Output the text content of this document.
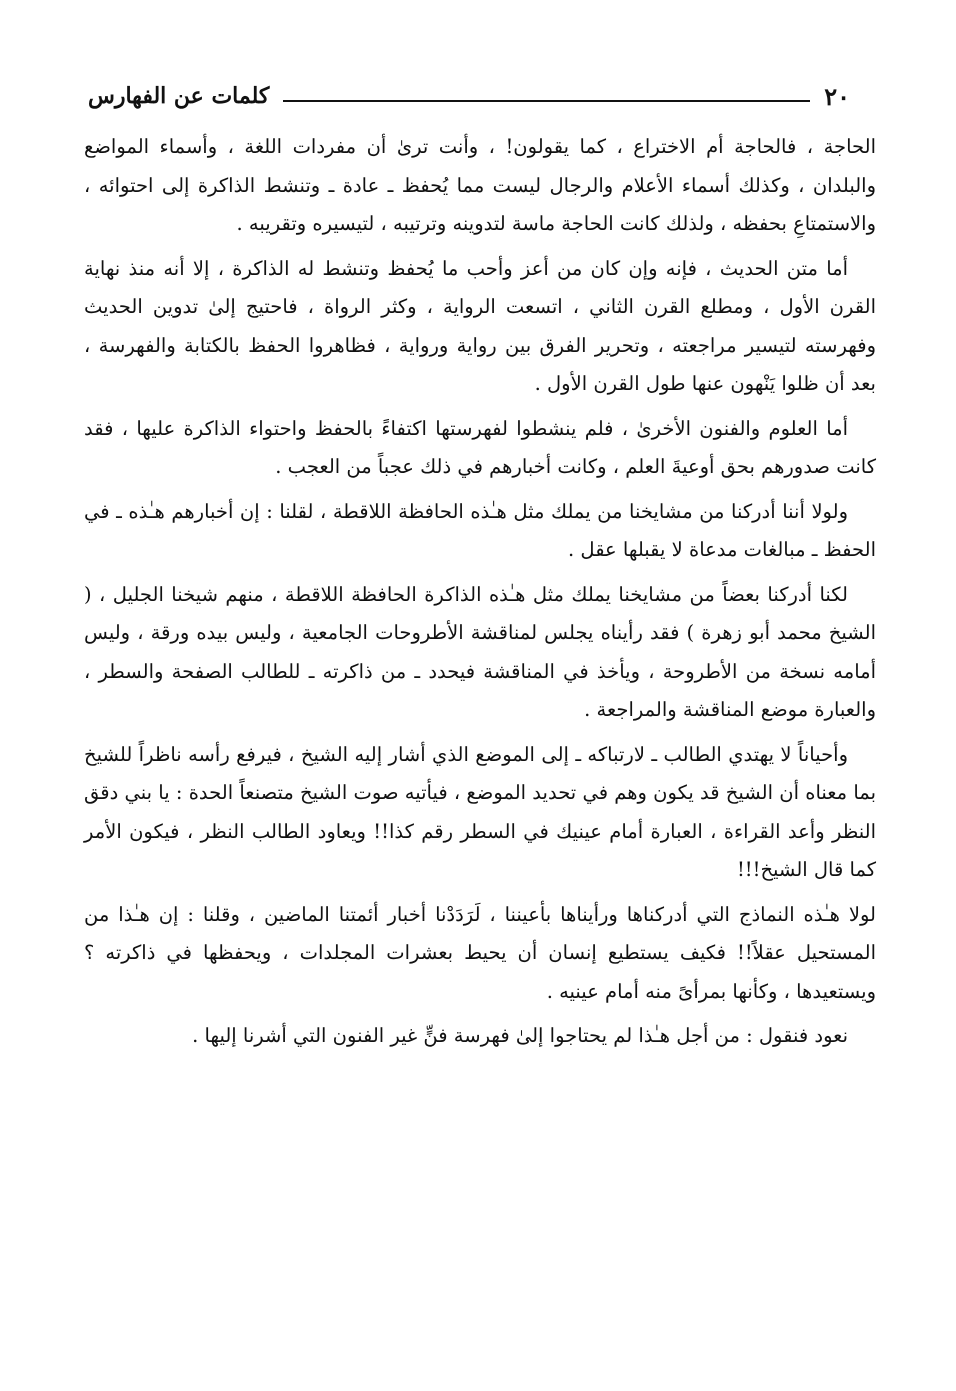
٢٠
كلمات عن الفهارس

الحاجة ، فالحاجة أم الاختراع ، كما يقولون! ، وأنت ترىٰ أن مفردات اللغة ، وأسماء المواضع والبلدان ، وكذلك أسماء الأعلام والرجال ليست مما يُحفظ ـ عادة ـ وتنشط الذاكرة إلى احتوائه ، والاستمتاعِ بحفظه ، ولذلك كانت الحاجة ماسة لتدوينه وترتيبه ، لتيسيره وتقريبه .

أما متن الحديث ، فإنه وإن كان من أعز وأحب ما يُحفظ وتنشط له الذاكرة ، إلا أنه منذ نهاية القرن الأول ، ومطلع القرن الثاني ، اتسعت الرواية ، وكثر الرواة ، فاحتيج إلىٰ تدوين الحديث وفهرسته لتيسير مراجعته ، وتحرير الفرق بين رواية ورواية ، فظاهروا الحفظ بالكتابة والفهرسة ، بعد أن ظلوا يَنْهون عنها طول القرن الأول .

أما العلوم والفنون الأخرىٰ ، فلم ينشطوا لفهرستها اكتفاءً بالحفظ واحتواء الذاكرة عليها ، فقد كانت صدورهم بحق أوعيةَ العلم ، وكانت أخبارهم في ذلك عجباً من العجب .

ولولا أننا أدركنا من مشايخنا من يملك مثل هـٰذه الحافظة اللاقطة ، لقلنا : إن أخبارهم هـٰذه ـ في الحفظ ـ مبالغات مدعاة لا يقبلها عقل .

لكنا أدركنا بعضاً من مشايخنا يملك مثل هـٰذه الذاكرة الحافظة اللاقطة ، منهم شيخنا الجليل ، ( الشيخ محمد أبو زهرة ) فقد رأيناه يجلس لمناقشة الأطروحات الجامعية ، وليس بيده ورقة ، وليس أمامه نسخة من الأطروحة ، ويأخذ في المناقشة فيحدد ـ من ذاكرته ـ للطالب الصفحة والسطر ، والعبارة موضع المناقشة والمراجعة .

وأحياناً لا يهتدي الطالب ـ لارتباكه ـ إلى الموضع الذي أشار إليه الشيخ ، فيرفع رأسه ناظراً للشيخ بما معناه أن الشيخ قد يكون وهم في تحديد الموضع ، فيأتيه صوت الشيخ متصنعاً الحدة : يا بني دقق النظر وأعد القراءة ، العبارة أمام عينيك في السطر رقم كذا!! ويعاود الطالب النظر ، فيكون الأمر كما قال الشيخ!!!

لولا هـٰذه النماذج التي أدركناها ورأيناها بأعيننا ، لَرَدَدْنا أخبار أئمتنا الماضين ، وقلنا : إن هـٰذا من المستحيل عقلاً!! فكيف يستطيع إنسان أن يحيط بعشرات المجلدات ، ويحفظها في ذاكرته ؟ ويستعيدها ، وكأنها بمرأىً منه أمام عينيه .

نعود فنقول : من أجل هـٰذا لم يحتاجوا إلىٰ فهرسة فنٍّ غير الفنون التي أشرنا إليها .
